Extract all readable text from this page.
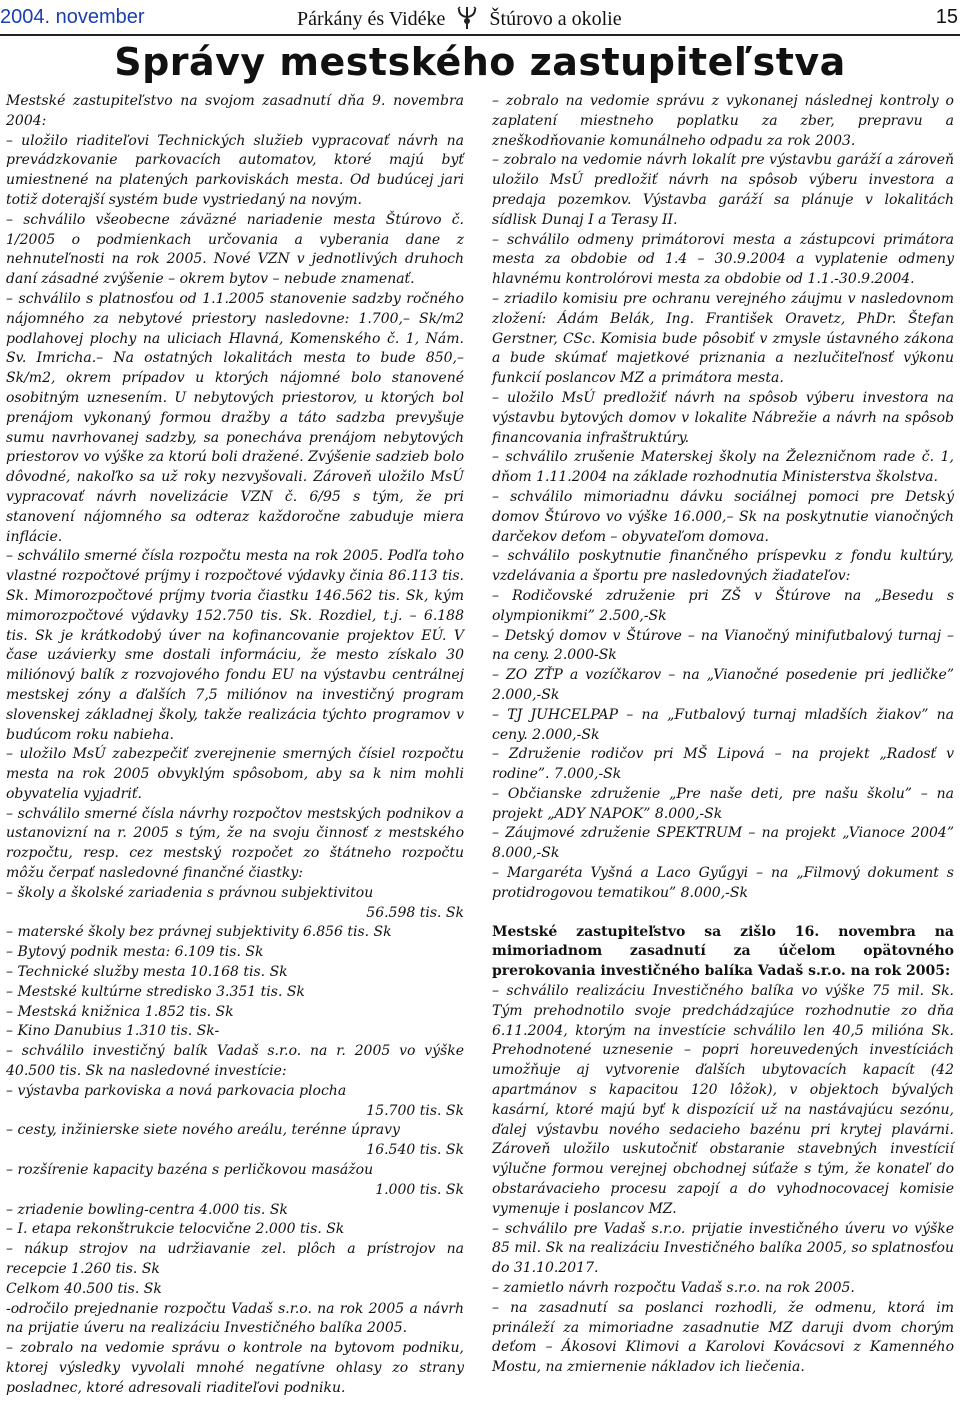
2004. november	Párkány és Vidéke Štúrovo a okolie	15
Správy mestského zastupiteľstva

Mestské zastupiteľstvo na svojom zasadnutí dňa 9. novembra 2004:

– uložilo riaditeľovi Technických služieb vypracovať návrh na prevádzkovanie parkovacích automatov, ktoré majú byť umiestnené na platených parkoviskách mesta. Od budúcej jari totiž doterajší systém bude vystriedaný na novým.

– schválilo všeobecne záväzné nariadenie mesta Štúrovo č. 1/2005 o podmienkach určovania a vyberania dane z nehnuteľnosti na rok 2005. Nové VZN v jednotlivých druhoch daní zásadné zvýšenie – okrem bytov – nebude znamenať.

– schválilo s platnosťou od 1.1.2005 stanovenie sadzby ročného nájomného za nebytové priestory nasledovne: 1.700,– Sk/m2 podlahovej plochy na uliciach Hlavná, Komenského č. 1, Nám. Sv. Imricha.– Na ostatných lokalitách mesta to bude 850,– Sk/m2, okrem prípadov u ktorých nájomné bolo stanovené osobitným uznesením. U nebytových priestorov, u ktorých bol prenájom vykonaný formou dražby a táto sadzba prevyšuje sumu navrhovanej sadzby, sa ponecháva prenájom nebytových priestorov vo výške za ktorú boli dražené. Zvýšenie sadzieb bolo dôvodné, nakoľko sa už roky nezvyšovali. Zároveň uložilo MsÚ vypracovať návrh novelizácie VZN č. 6/95 s tým, že pri stanovení nájomného sa odteraz každoročne zabuduje miera inflácie.

– schválilo smerné čísla rozpočtu mesta na rok 2005. Podľa toho vlastné rozpočtové príjmy i rozpočtové výdavky činia 86.113 tis. Sk. Mimorozpočtové príjmy tvoria čiastku 146.562 tis. Sk, kým mimorozpočtové výdavky 152.750 tis. Sk. Rozdiel, t.j. – 6.188 tis. Sk je krátkodobý úver na kofinancovanie projektov EÚ. V čase uzávierky sme dostali informáciu, že mesto získalo 30 miliónový balík z rozvojového fondu EU na výstavbu centrálnej mestskej zóny a ďalších 7,5 miliónov na investičný program slovenskej základnej školy, takže realizácia týchto programov v budúcom roku nabieha.

– uložilo MsÚ zabezpečiť zverejnenie smerných čísiel rozpočtu mesta na rok 2005 obvyklým spôsobom, aby sa k nim mohli obyvatelia vyjadriť.

– schválilo smerné čísla návrhy rozpočtov mestských podnikov a ustanovizní na r. 2005 s tým, že na svoju činnosť z mestského rozpočtu, resp. cez mestský rozpočet zo štátneho rozpočtu môžu čerpať nasledovné finančné čiastky:

– školy a školské zariadenia s právnou subjektivitou

56.598 tis. Sk

– materské školy bez právnej subjektivity 6.856 tis. Sk

– Bytový podnik mesta: 6.109 tis. Sk

– Technické služby mesta 10.168 tis. Sk

– Mestské kultúrne stredisko 3.351 tis. Sk

– Mestská knižnica 1.852 tis. Sk

– Kino Danubius 1.310 tis. Sk-

– schválilo investičný balík Vadaš s.r.o. na r. 2005 vo výške 40.500 tis. Sk na nasledovné investície:

– výstavba parkoviska a nová parkovacia plocha

15.700 tis. Sk

– cesty, inžinierske siete nového areálu, terénne úpravy

16.540 tis. Sk

– rozšírenie kapacity bazéna s perličkovou masážou

1.000 tis. Sk

– zriadenie bowling-centra 4.000 tis. Sk

– I. etapa rekonštrukcie telocvične 2.000 tis. Sk

– nákup strojov na udržiavanie zel. plôch a prístrojov na recepcie 1.260 tis. Sk

Celkom 40.500 tis. Sk

-odročilo prejednanie rozpočtu Vadaš s.r.o. na rok 2005 a návrh na prijatie úveru na realizáciu Investičného balíka 2005.

– zobralo na vedomie správu o kontrole na bytovom podniku, ktorej výsledky vyvolali mnohé negatívne ohlasy zo strany posladnec, ktoré adresovali riaditeľovi podniku.

– zobralo na vedomie správu z vykonanej následnej kontroly o zaplatení miestneho poplatku za zber, prepravu a zneškodňovanie komunálneho odpadu za rok 2003.

– zobralo na vedomie návrh lokalít pre výstavbu garáží a zároveň uložilo MsÚ predložiť návrh na spôsob výberu investora a predaja pozemkov. Výstavba garáží sa plánuje v lokalitách sídlisk Dunaj I a Terasy II.

– schválilo odmeny primátorovi mesta a zástupcovi primátora mesta za obdobie od 1.4 – 30.9.2004 a vyplatenie odmeny hlavnému kontrolórovi mesta za obdobie od 1.1.-30.9.2004.

– zriadilo komisiu pre ochranu verejného záujmu v nasledovnom zložení: Ádám Belák, Ing. František Oravetz, PhDr. Štefan Gerstner, CSc. Komisia bude pôsobiť v zmysle ústavného zákona a bude skúmať majetkové priznania a nezlučiteľnosť výkonu funkcií poslancov MZ a primátora mesta.

– uložilo MsÚ predložiť návrh na spôsob výberu investora na výstavbu bytových domov v lokalite Nábrežie a návrh na spôsob financovania infraštruktúry.

– schválilo zrušenie Materskej školy na Železničnom rade č. 1, dňom 1.11.2004 na základe rozhodnutia Ministerstva školstva.

– schválilo mimoriadnu dávku sociálnej pomoci pre Detský domov Štúrovo vo výške 16.000,– Sk na poskytnutie vianočných darčekov deťom – obyvateľom domova.

– schválilo poskytnutie finančného príspevku z fondu kultúry, vzdelávania a športu pre nasledovných žiadateľov:

– Rodičovské združenie pri ZŠ v Štúrove na „Besedu s olympionikmi” 2.500,-Sk

– Detský domov v Štúrove – na Vianočný minifutbalový turnaj – na ceny. 2.000-Sk

– ZO ZŤP a vozíčkarov – na „Vianočné posedenie pri jedličke” 2.000,-Sk

– TJ JUHCELPAP – na „Futbalový turnaj mladších žiakov” na ceny. 2.000,-Sk

– Združenie rodičov pri MŠ Lipová – na projekt „Radosť v rodine”. 7.000,-Sk

– Občianske združenie „Pre naše deti, pre našu školu” – na projekt „ADY NAPOK” 8.000,-Sk

– Záujmové združenie SPEKTRUM – na projekt „Vianoce 2004” 8.000,-Sk

– Margaréta Vyšná a Laco Gyűgyi – na „Filmový dokument s protidrogovou tematikou” 8.000,-Sk

Mestské zastupiteľstvo sa zišlo 16. novembra na mimoriadnom zasadnutí za účelom opätovného prerokovania investičného balíka Vadaš s.r.o. na rok 2005:

– schválilo realizáciu Investičného balíka vo výške 75 mil. Sk. Tým prehodnotilo svoje predchádzajúce rozhodnutie zo dňa 6.11.2004, ktorým na investície schválilo len 40,5 milióna Sk. Prehodnotené uznesenie – popri horeuvedených investíciách umožňuje aj vytvorenie ďalších ubytovacích kapacít (42 apartmánov s kapacitou 120 lôžok), v objektoch bývalých kasární, ktoré majú byť k dispozícií už na nastávajúcu sezónu, ďalej výstavbu nového sedacieho bazénu pri krytej plavárni. Zároveň uložilo uskutočniť obstaranie stavebných investícií výlučne formou verejnej obchodnej súťaže s tým, že konateľ do obstarávacieho procesu zapojí a do vyhodnocovacej komisie vymenuje i poslancov MZ.

– schválilo pre Vadaš s.r.o. prijatie investičného úveru vo výške 85 mil. Sk na realizáciu Investičného balíka 2005, so splatnosťou do 31.10.2017.

– zamietlo návrh rozpočtu Vadaš s.r.o. na rok 2005.

– na zasadnutí sa poslanci rozhodli, že odmenu, ktorá im prináleží za mimoriadne zasadnutie MZ daruji dvom chorým deťom – Ákosovi Klimovi a Karolovi Kovácsovi z Kamenného Mostu, na zmiernenie nákladov ich liečenia.
